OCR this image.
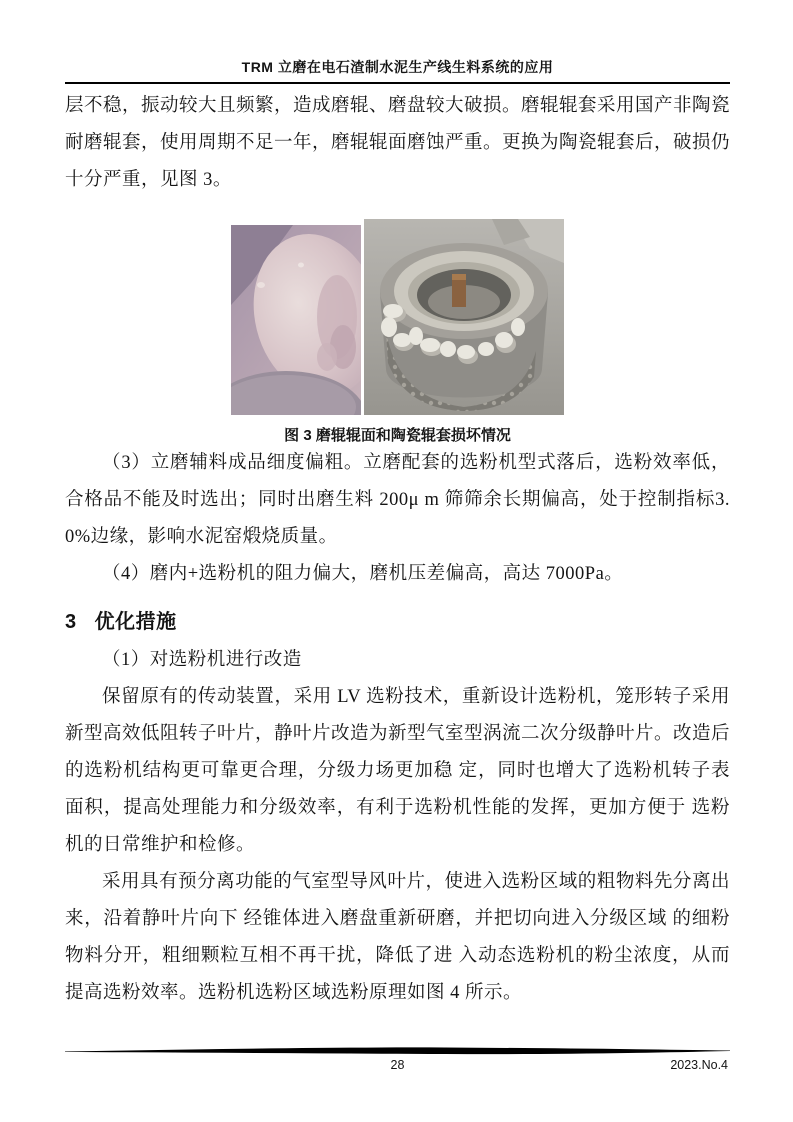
TRM 立磨在电石渣制水泥生产线生料系统的应用

层不稳，振动较大且频繁，造成磨辊、磨盘较大破损。磨辊辊套采用国产非陶瓷耐磨辊套，使用周期不足一年，磨辊辊面磨蚀严重。更换为陶瓷辊套后，破损仍十分严重，见图 3。

图 3 磨辊辊面和陶瓷辊套损坏情况

（3）立磨辅料成品细度偏粗。立磨配套的选粉机型式落后，选粉效率低，合格品不能及时选出；同时出磨生料 200μ m 筛筛余长期偏高，处于控制指标3.0%边缘，影响水泥窑煅烧质量。

（4）磨内+选粉机的阻力偏大，磨机压差偏高，高达 7000Pa。

3 优化措施

（1）对选粉机进行改造

保留原有的传动装置，采用 LV 选粉技术，重新设计选粉机，笼形转子采用新型高效低阻转子叶片，静叶片改造为新型气室型涡流二次分级静叶片。改造后的选粉机结构更可靠更合理，分级力场更加稳 定，同时也增大了选粉机转子表面积，提高处理能力和分级效率，有利于选粉机性能的发挥，更加方便于 选粉机的日常维护和检修。

采用具有预分离功能的气室型导风叶片，使进入选粉区域的粗物料先分离出来，沿着静叶片向下 经锥体进入磨盘重新研磨，并把切向进入分级区域 的细粉物料分开，粗细颗粒互相不再干扰，降低了进 入动态选粉机的粉尘浓度，从而提高选粉效率。选粉机选粉区域选粉原理如图 4 所示。

28	2023.No.4
